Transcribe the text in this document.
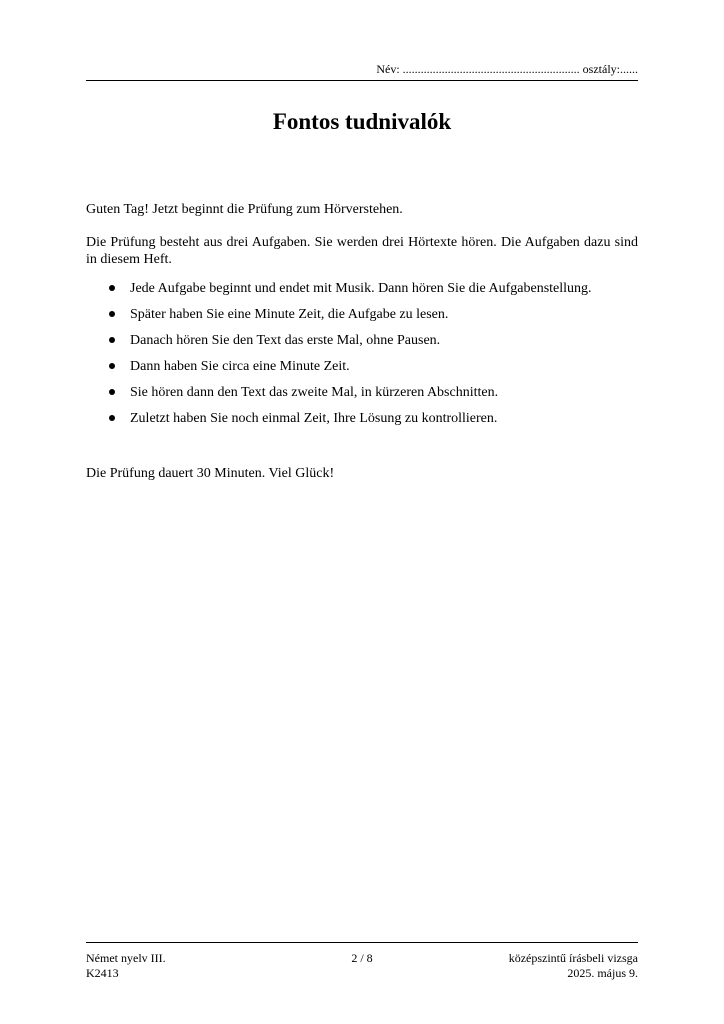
Név: ........................................................... osztály:......
Fontos tudnivalók
Guten Tag! Jetzt beginnt die Prüfung zum Hörverstehen.
Die Prüfung besteht aus drei Aufgaben. Sie werden drei Hörtexte hören. Die Aufgaben dazu sind in diesem Heft.
Jede Aufgabe beginnt und endet mit Musik. Dann hören Sie die Aufgabenstellung.
Später haben Sie eine Minute Zeit, die Aufgabe zu lesen.
Danach hören Sie den Text das erste Mal, ohne Pausen.
Dann haben Sie circa eine Minute Zeit.
Sie hören dann den Text das zweite Mal, in kürzeren Abschnitten.
Zuletzt haben Sie noch einmal Zeit, Ihre Lösung zu kontrollieren.
Die Prüfung dauert 30 Minuten. Viel Glück!
2 / 8
Német nyelv III.
K2413
középszintű írásbeli vizsga
2025. május 9.
